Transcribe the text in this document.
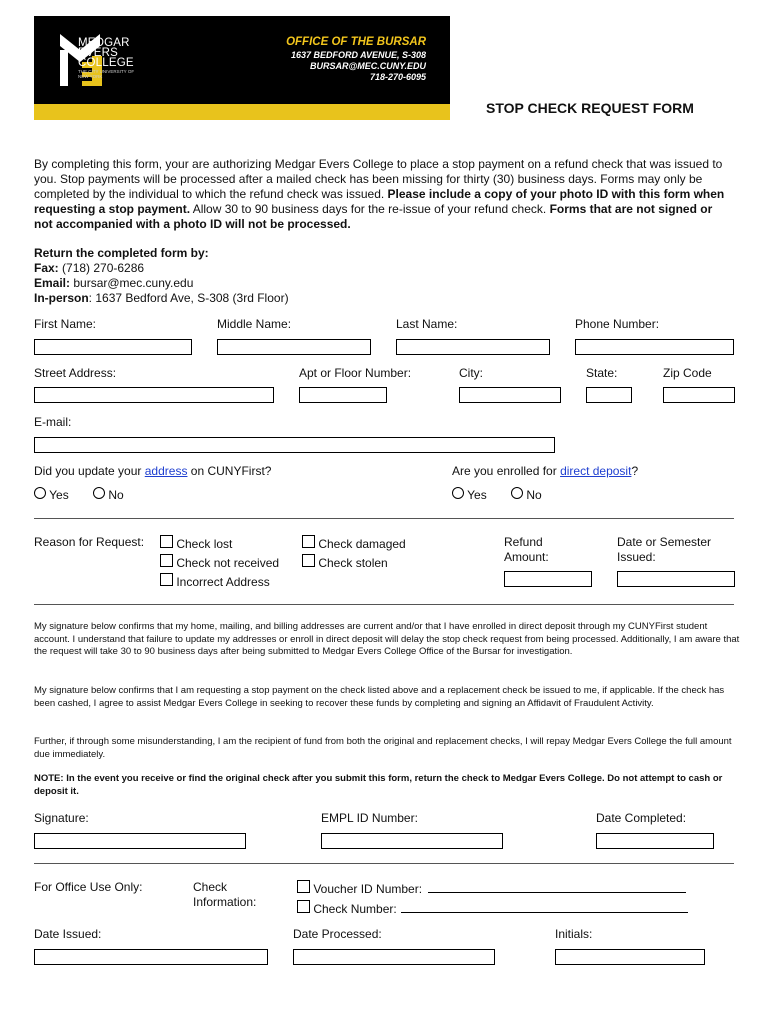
MEDGAR
EVERS
COLLEGE
THE CITY UNIVERSITY OF NEW YORK
OFFICE OF THE BURSAR
1637 BEDFORD AVENUE, S-308
BURSAR@MEC.CUNY.EDU
718-270-6095
STOP CHECK REQUEST FORM
By completing this form, your are authorizing Medgar Evers College to place a stop payment on a refund check that was issued to you. Stop payments will be processed after a mailed check has been missing for thirty (30) business days. Forms may only be completed by the individual to which the refund check was issued. Please include a copy of your photo ID with this form when requesting a stop payment. Allow 30 to 90 business days for the re-issue of your refund check. Forms that are not signed or not accompanied with a photo ID will not be processed.
Return the completed form by:
Fax: (718) 270-6286
Email: bursar@mec.cuny.edu
In-person: 1637 Bedford Ave, S-308 (3rd Floor)
First Name:	Middle Name:	Last Name:	Phone Number:
Street Address:	Apt or Floor Number:	City:	State:	Zip Code
E-mail:
Did you update your address on CUNYFirst?	Are you enrolled for direct deposit?
Yes	No	Yes	No
Reason for Request:	Check lost
Check not received
Incorrect Address
Check damaged
Check stolen
Refund Amount:
Date or Semester Issued:
My signature below confirms that my home, mailing, and billing addresses are current and/or that I have enrolled in direct deposit through my CUNYFirst student account. I understand that failure to update my addresses or enroll in direct deposit will delay the stop check request from being processed. Additionally, I am aware that the request will take 30 to 90 business days after being submitted to Medgar Evers College Office of the Bursar for investigation.
My signature below confirms that I am requesting a stop payment on the check listed above and a replacement check be issued to me, if applicable. If the check has been cashed, I agree to assist Medgar Evers College in seeking to recover these funds by completing and signing an Affidavit of Fraudulent Activity.
Further, if through some misunderstanding, I am the recipient of fund from both the original and replacement checks, I will repay Medgar Evers College the full amount due immediately.
NOTE: In the event you receive or find the original check after you submit this form, return the check to Medgar Evers College. Do not attempt to cash or deposit it.
Signature:	EMPL ID Number:	Date Completed:
For Office Use Only:	Check Information:
Voucher ID Number:
Check Number:
Date Issued:	Date Processed:	Initials:
